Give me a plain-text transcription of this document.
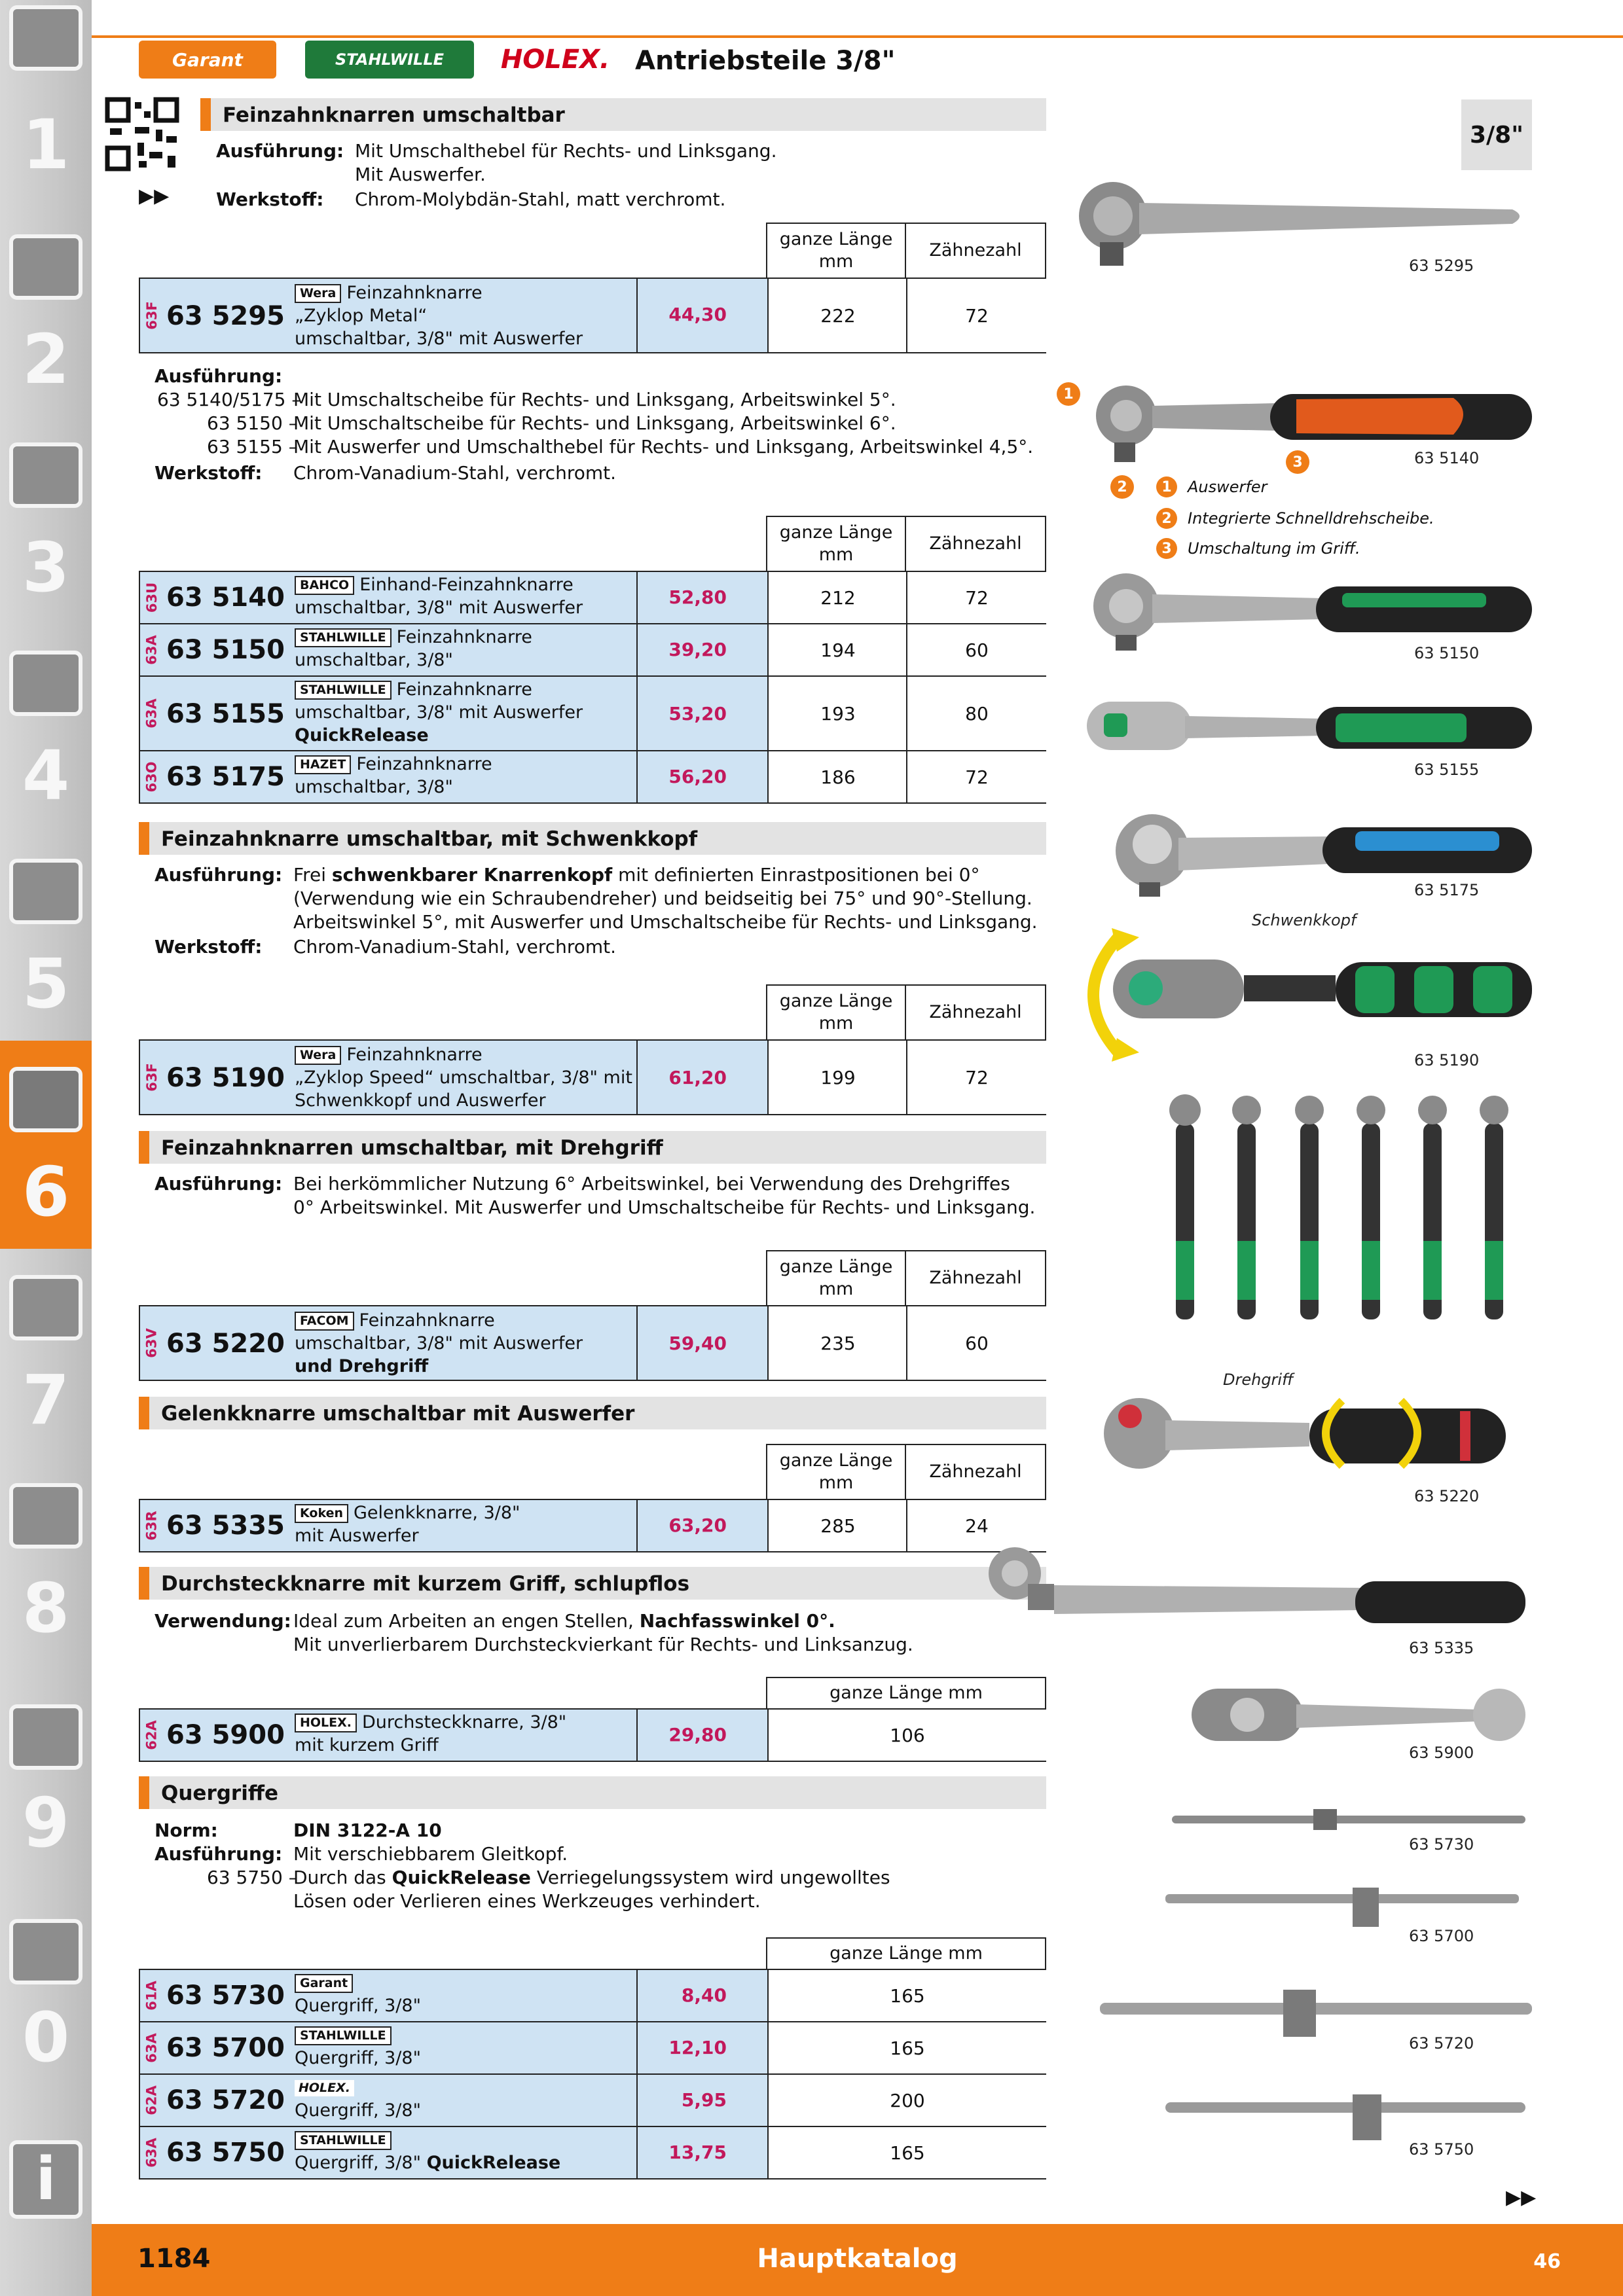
1
2
3
4
5
6
7
8
9
0
i
Garant	STAHLWILLE HOLEX. Antriebsteile 3/8"
▶▶
3/8"
Feinzahnknarren umschaltbar
Ausführung: Mit Umschalthebel für Rechts- und Linksgang.
Mit Auswerfer.
Werkstoff: Chrom-Molybdän-Stahl, matt verchromt.
ganze Länge
mm
Zähnezahl
63F 63 5295
Wera Feinzahnknarre
„Zyklop Metal“
umschaltbar, 3/8" mit Auswerfer
44,30	222	72
Ausführung:
63 5140/5175 –
Mit Umschaltscheibe für Rechts- und Linksgang, Arbeitswinkel 5°.
63 5150 –
Mit Umschaltscheibe für Rechts- und Linksgang, Arbeitswinkel 6°.
63 5155 –
Mit Auswerfer und Umschalthebel für Rechts- und Linksgang, Arbeitswinkel 4,5°.
Werkstoff: Chrom-Vanadium-Stahl, verchromt.
ganze Länge
mm
Zähnezahl
63U 63 5140	BAHCO Einhand-Feinzahnknarre
umschaltbar, 3/8" mit Auswerfer	52,80	212	72
63A 63 5150	STAHLWILLE Feinzahnknarre
umschaltbar, 3/8"	39,20	194	60
63A 63 5155
STAHLWILLE Feinzahnknarre
umschaltbar, 3/8" mit Auswerfer
QuickRelease
53,20	193	80
63O 63 5175	HAZET Feinzahnknarre
umschaltbar, 3/8"	56,20	186	72
Feinzahnknarre umschaltbar, mit Schwenkkopf
Ausführung: Frei schwenkbarer Knarrenkopf mit definierten Einrastpositionen bei 0°
(Verwendung wie ein Schraubendreher) und beidseitig bei 75° und 90°-Stellung.
Arbeitswinkel 5°, mit Auswerfer und Umschaltscheibe für Rechts- und Linksgang.
Werkstoff: Chrom-Vanadium-Stahl, verchromt.
ganze Länge
mm
Zähnezahl
63F 63 5190
Wera Feinzahnknarre
„Zyklop Speed“ umschaltbar, 3/8" mit
Schwenkkopf und Auswerfer
61,20	199	72
Feinzahnknarren umschaltbar, mit Drehgriff
Ausführung: Bei herkömmlicher Nutzung 6° Arbeitswinkel, bei Verwendung des Drehgriffes
0° Arbeitswinkel. Mit Auswerfer und Umschaltscheibe für Rechts- und Linksgang.
ganze Länge
mm
Zähnezahl
63V 63 5220
FACOM Feinzahnknarre
umschaltbar, 3/8" mit Auswerfer
und Drehgriff
59,40	235	60
Gelenkknarre umschaltbar mit Auswerfer
ganze Länge
mm
Zähnezahl
63R 63 5335	Koken Gelenkknarre, 3/8"
mit Auswerfer	63,20	285	24
Durchsteckknarre mit kurzem Griff, schlupflos
Verwendung: Ideal zum Arbeiten an engen Stellen, Nachfasswinkel 0°.
Mit unverlierbarem Durchsteckvierkant für Rechts- und Linksanzug.
ganze Länge mm
62A 63 5900	HOLEX. Durchsteckknarre, 3/8"
mit kurzem Griff	29,80	106
Quergriffe
Norm:	DIN 3122-A 10
Ausführung: Mit verschiebbarem Gleitkopf.
63 5750 –
Durch das QuickRelease Verriegelungssystem wird ungewolltes
Lösen oder Verlieren eines Werkzeuges verhindert.
ganze Länge mm
61A 63 5730	Garant
Quergriff, 3/8"	8,40	165
63A 63 5700	STAHLWILLE
Quergriff, 3/8"	12,10	165
62A 63 5720	HOLEX.
Quergriff, 3/8"	5,95	200
63A 63 5750	STAHLWILLE
Quergriff, 3/8" QuickRelease	13,75	165
63 5295
1
2
3	63 5140
1	Auswerfer
2	Integrierte Schnelldrehscheibe.
3	Umschaltung im Griff.
63 5150
63 5155
63 5175
Schwenkkopf
63 5190
Drehgriff
63 5220
63 5335
63 5900
63 5730
63 5700
63 5720
63 5750
▶▶
1184	Hauptkatalog	46
